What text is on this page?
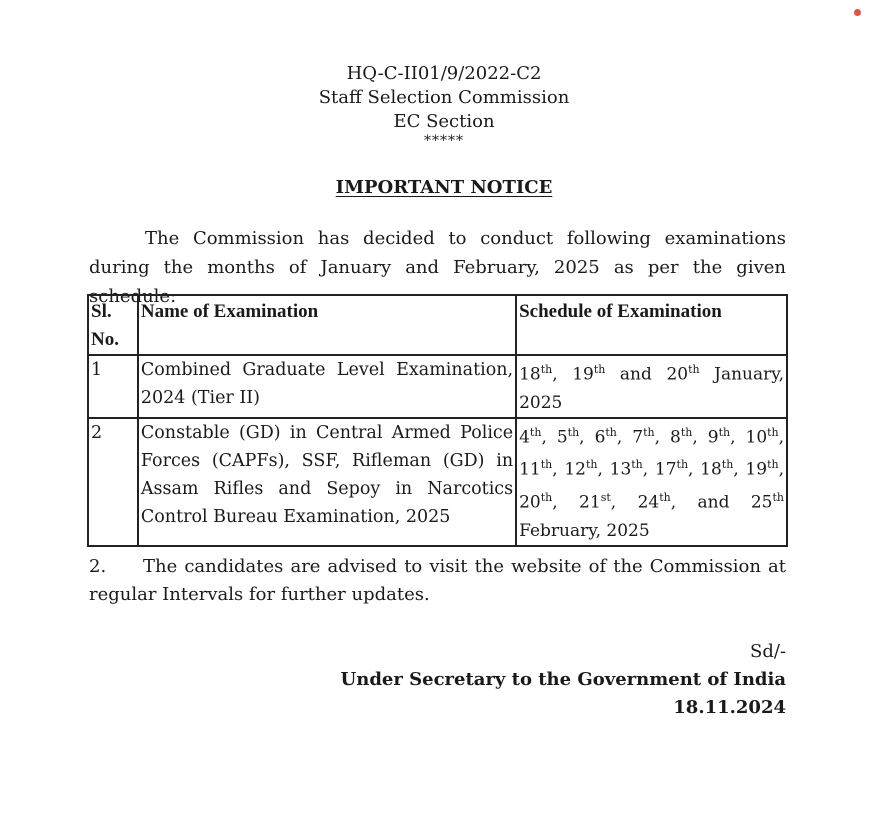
HQ-C-II01/9/2022-C2
Staff Selection Commission
EC Section
*****
IMPORTANT NOTICE
The Commission has decided to conduct following examinations during the months of January and February, 2025 as per the given schedule:
Sl. No.	Name of Examination	Schedule of Examination
1	Combined Graduate Level Examination, 2024 (Tier II)	18th, 19th and 20th January, 2025
2	Constable (GD) in Central Armed Police Forces (CAPFs), SSF, Rifleman (GD) in Assam Rifles and Sepoy in Narcotics Control Bureau Examination, 2025	4th, 5th, 6th, 7th, 8th, 9th, 10th, 11th, 12th, 13th, 17th, 18th, 19th, 20th, 21st, 24th, and 25th February, 2025
2. The candidates are advised to visit the website of the Commission at regular Intervals for further updates.
Sd/-
Under Secretary to the Government of India
18.11.2024
